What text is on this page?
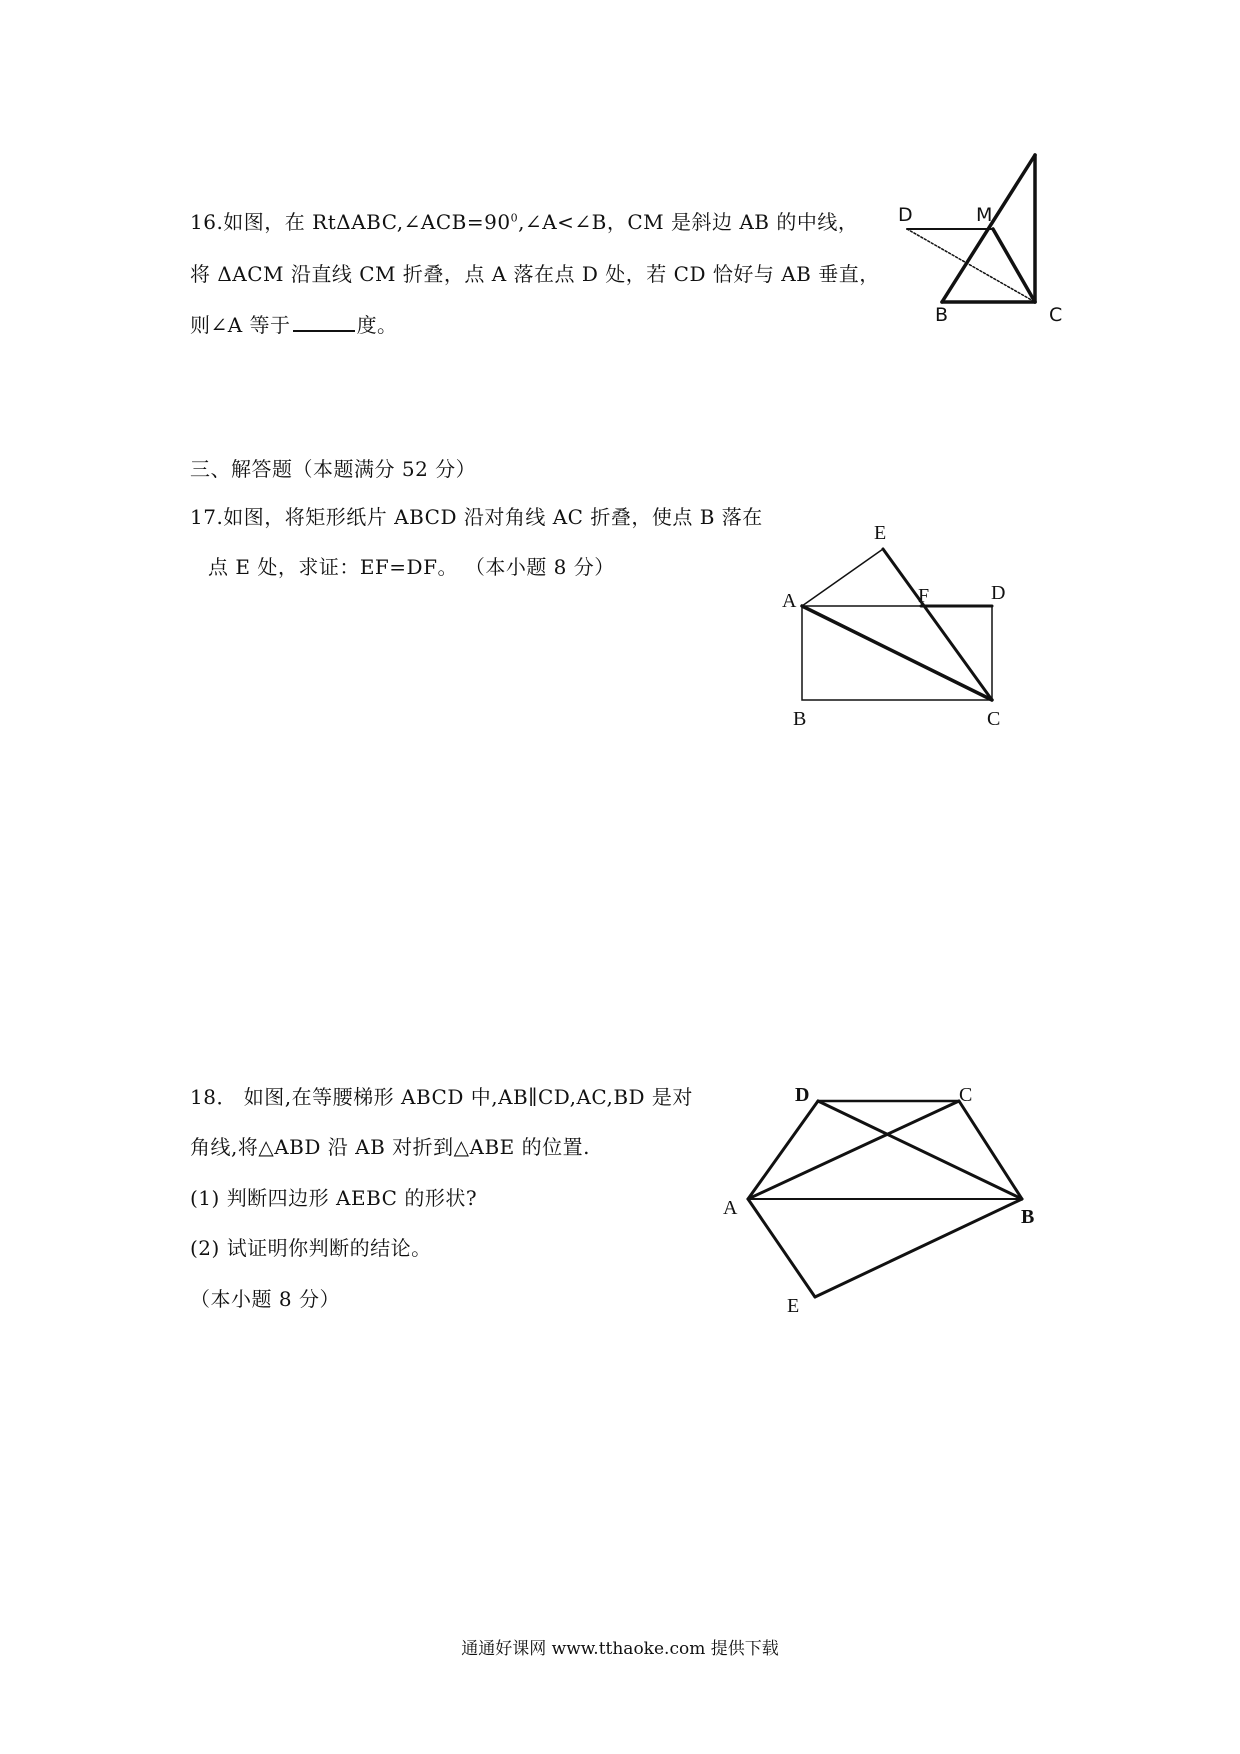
16.如图，在 $Rt\Delta ABC,\angle ACB=90^0,\angle A<\angle B$，CM 是斜边 AB 的中线，
将 ΔACM 沿直线 CM 折叠，点 A 落在点 D 处，若 CD 恰好与 AB 垂直，
则∠A 等于	度。
D	M
B	C
三、解答题（本题满分 52 分）
17.如图，将矩形纸片 ABCD 沿对角线 AC 折叠，使点 B 落在
点 E 处，求证：EF=DF。 （本小题 8 分）
E
A	F	D
B	C
18． 如图,在等腰梯形 ABCD 中,AB∥CD,AC,BD 是对
角线,将△ABD 沿 AB 对折到△ABE 的位置.
(1) 判断四边形 AEBC 的形状?
(2) 试证明你判断的结论。
（本小题 8 分）
D	C
A	B
E
通通好课网 www.tthaoke.com 提供下载
